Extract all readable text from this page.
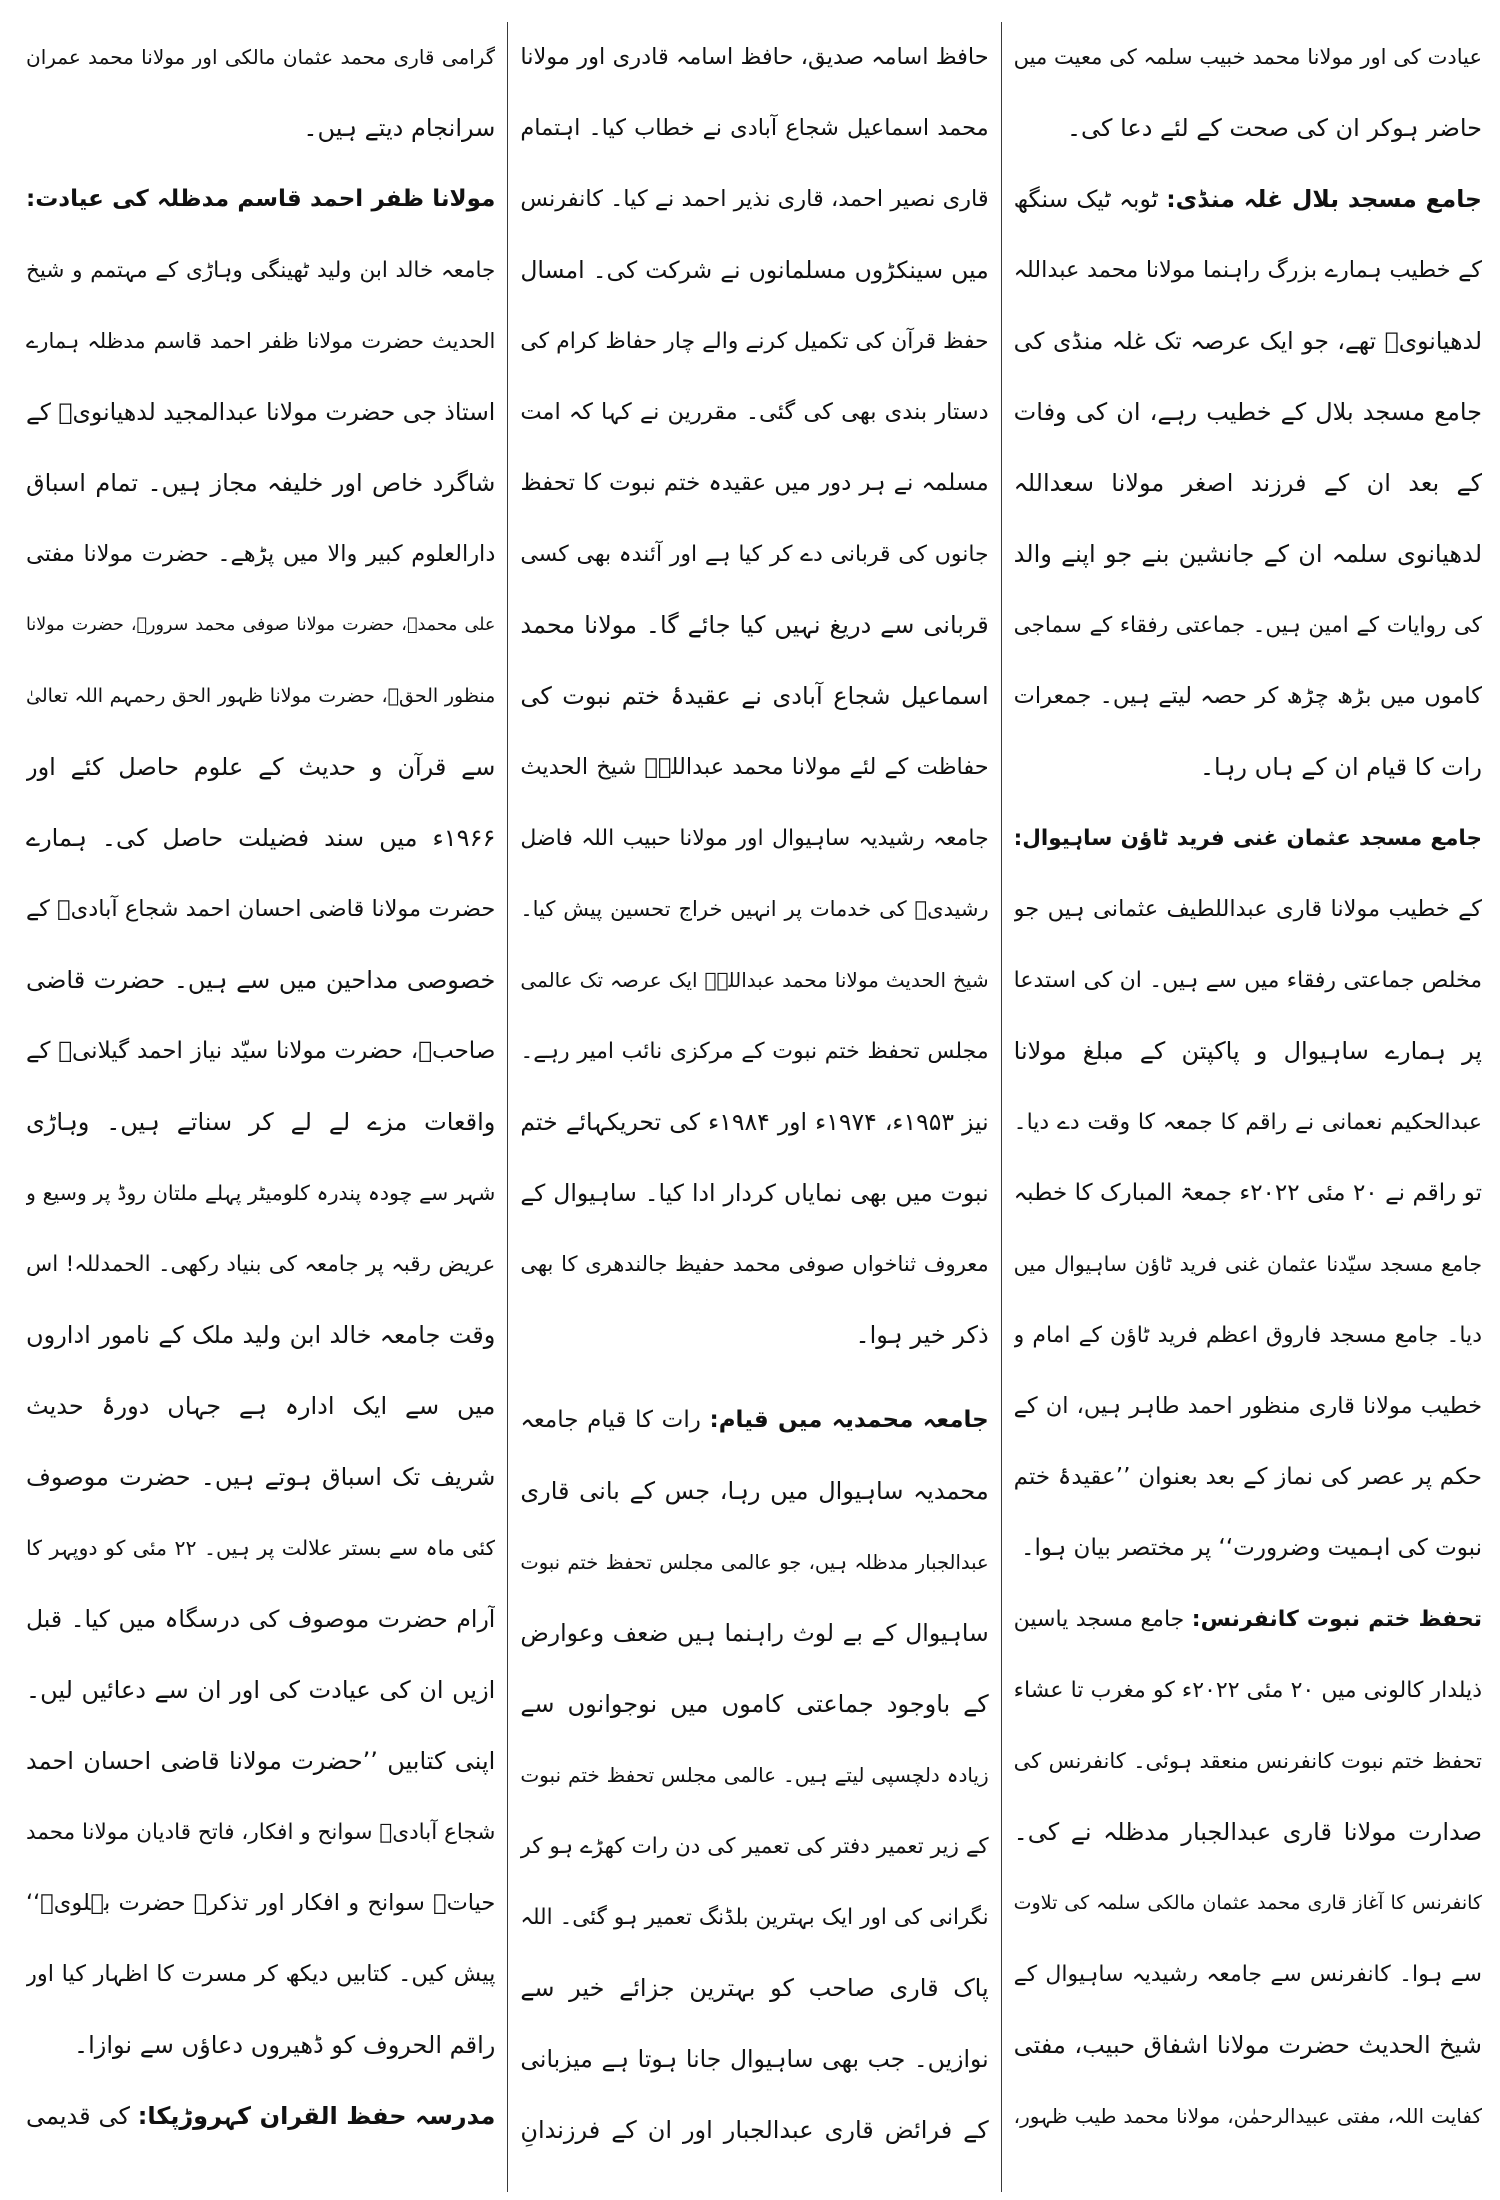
عیادت کی اور مولانا محمد خبیب سلمہ کی معیت میں
حاضر ہوکر ان کی صحت کے لئے دعا کی۔
جامع مسجد بلال غلہ منڈی: ٹوبہ ٹیک سنگھ
کے خطیب ہمارے بزرگ راہنما مولانا محمد عبداللہ
لدھیانویؒ تھے، جو ایک عرصہ تک غلہ منڈی کی
جامع مسجد بلال کے خطیب رہے، ان کی وفات
کے بعد ان کے فرزند اصغر مولانا سعداللہ
لدھیانوی سلمہ ان کے جانشین بنے جو اپنے والد
کی روایات کے امین ہیں۔ جماعتی رفقاء کے سماجی
کاموں میں بڑھ چڑھ کر حصہ لیتے ہیں۔ جمعرات
رات کا قیام ان کے ہاں رہا۔
جامع مسجد عثمان غنی فرید ٹاؤن ساہیوال:
کے خطیب مولانا قاری عبداللطیف عثمانی ہیں جو
مخلص جماعتی رفقاء میں سے ہیں۔ ان کی استدعا
پر ہمارے ساہیوال و پاکپتن کے مبلغ مولانا
عبدالحکیم نعمانی نے راقم کا جمعہ کا وقت دے دیا۔
تو راقم نے ۲۰ مئی ۲۰۲۲ء جمعۃ المبارک کا خطبہ
جامع مسجد سیّدنا عثمان غنی فرید ٹاؤن ساہیوال میں
دیا۔ جامع مسجد فاروق اعظم فرید ٹاؤن کے امام و
خطیب مولانا قاری منظور احمد طاہر ہیں، ان کے
حکم پر عصر کی نماز کے بعد بعنوان ’’عقیدۂ ختم
نبوت کی اہمیت وضرورت‘‘ پر مختصر بیان ہوا۔
تحفظ ختم نبوت کانفرنس: جامع مسجد یاسین
ذیلدار کالونی میں ۲۰ مئی ۲۰۲۲ء کو مغرب تا عشاء
تحفظ ختم نبوت کانفرنس منعقد ہوئی۔ کانفرنس کی
صدارت مولانا قاری عبدالجبار مدظلہ نے کی۔
کانفرنس کا آغاز قاری محمد عثمان مالکی سلمہ کی تلاوت
سے ہوا۔ کانفرنس سے جامعہ رشیدیہ ساہیوال کے
شیخ الحدیث حضرت مولانا اشفاق حبیب، مفتی
کفایت اللہ، مفتی عبیدالرحمٰن، مولانا محمد طیب ظہور،
حافظ اسامہ صدیق، حافظ اسامہ قادری اور مولانا
محمد اسماعیل شجاع آبادی نے خطاب کیا۔ اہتمام
قاری نصیر احمد، قاری نذیر احمد نے کیا۔ کانفرنس
میں سینکڑوں مسلمانوں نے شرکت کی۔ امسال
حفظ قرآن کی تکمیل کرنے والے چار حفاظ کرام کی
دستار بندی بھی کی گئی۔ مقررین نے کہا کہ امت
مسلمہ نے ہر دور میں عقیدہ ختم نبوت کا تحفظ
جانوں کی قربانی دے کر کیا ہے اور آئندہ بھی کسی
قربانی سے دریغ نہیں کیا جائے گا۔ مولانا محمد
اسماعیل شجاع آبادی نے عقیدۂ ختم نبوت کی
حفاظت کے لئے مولانا محمد عبداللہؒ شیخ الحدیث
جامعہ رشیدیہ ساہیوال اور مولانا حبیب اللہ فاضل
رشیدیؒ کی خدمات پر انہیں خراج تحسین پیش کیا۔
شیخ الحدیث مولانا محمد عبداللہؒ ایک عرصہ تک عالمی
مجلس تحفظ ختم نبوت کے مرکزی نائب امیر رہے۔
نیز ۱۹۵۳ء، ۱۹۷۴ء اور ۱۹۸۴ء کی تحریکہائے ختم
نبوت میں بھی نمایاں کردار ادا کیا۔ ساہیوال کے
معروف ثناخواں صوفی محمد حفیظ جالندھری کا بھی
ذکر خیر ہوا۔
جامعہ محمدیہ میں قیام: رات کا قیام جامعہ
محمدیہ ساہیوال میں رہا، جس کے بانی قاری
عبدالجبار مدظلہ ہیں، جو عالمی مجلس تحفظ ختم نبوت
ساہیوال کے بے لوث راہنما ہیں ضعف وعوارض
کے باوجود جماعتی کاموں میں نوجوانوں سے
زیادہ دلچسپی لیتے ہیں۔ عالمی مجلس تحفظ ختم نبوت
کے زیر تعمیر دفتر کی تعمیر کی دن رات کھڑے ہو کر
نگرانی کی اور ایک بہترین بلڈنگ تعمیر ہو گئی۔ اللہ
پاک قاری صاحب کو بہترین جزائے خیر سے
نوازیں۔ جب بھی ساہیوال جانا ہوتا ہے میزبانی
کے فرائض قاری عبدالجبار اور ان کے فرزندانِ
گرامی قاری محمد عثمان مالکی اور مولانا محمد عمران
سرانجام دیتے ہیں۔
مولانا ظفر احمد قاسم مدظلہ کی عیادت:
جامعہ خالد ابن ولید ٹھینگی وہاڑی کے مہتمم و شیخ
الحدیث حضرت مولانا ظفر احمد قاسم مدظلہ ہمارے
استاذ جی حضرت مولانا عبدالمجید لدھیانویؒ کے
شاگرد خاص اور خلیفہ مجاز ہیں۔ تمام اسباق
دارالعلوم کبیر والا میں پڑھے۔ حضرت مولانا مفتی
علی محمدؒ، حضرت مولانا صوفی محمد سرورؒ، حضرت مولانا
منظور الحقؒ، حضرت مولانا ظہور الحق رحمہم اللہ تعالیٰ
سے قرآن و حدیث کے علوم حاصل کئے اور
۱۹۶۶ء میں سند فضیلت حاصل کی۔ ہمارے
حضرت مولانا قاضی احسان احمد شجاع آبادیؒ کے
خصوصی مداحین میں سے ہیں۔ حضرت قاضی
صاحبؒ، حضرت مولانا سیّد نیاز احمد گیلانیؒ کے
واقعات مزے لے لے کر سناتے ہیں۔ وہاڑی
شہر سے چودہ پندرہ کلومیٹر پہلے ملتان روڈ پر وسیع و
عریض رقبہ پر جامعہ کی بنیاد رکھی۔ الحمدللہ! اس
وقت جامعہ خالد ابن ولید ملک کے نامور اداروں
میں سے ایک ادارہ ہے جہاں دورۂ حدیث
شریف تک اسباق ہوتے ہیں۔ حضرت موصوف
کئی ماہ سے بستر علالت پر ہیں۔ ۲۲ مئی کو دوپہر کا
آرام حضرت موصوف کی درسگاہ میں کیا۔ قبل
ازیں ان کی عیادت کی اور ان سے دعائیں لیں۔
اپنی کتابیں ’’حضرت مولانا قاضی احسان احمد
شجاع آبادیؒ سوانح و افکار، فاتح قادیان مولانا محمد
حیاتؒ سوانح و افکار اور تذکرۂ حضرت بہلویؒ‘‘
پیش کیں۔ کتابیں دیکھ کر مسرت کا اظہار کیا اور
راقم الحروف کو ڈھیروں دعاؤں سے نوازا۔
مدرسہ حفظ القران کہروڑپکا: کی قدیمی
